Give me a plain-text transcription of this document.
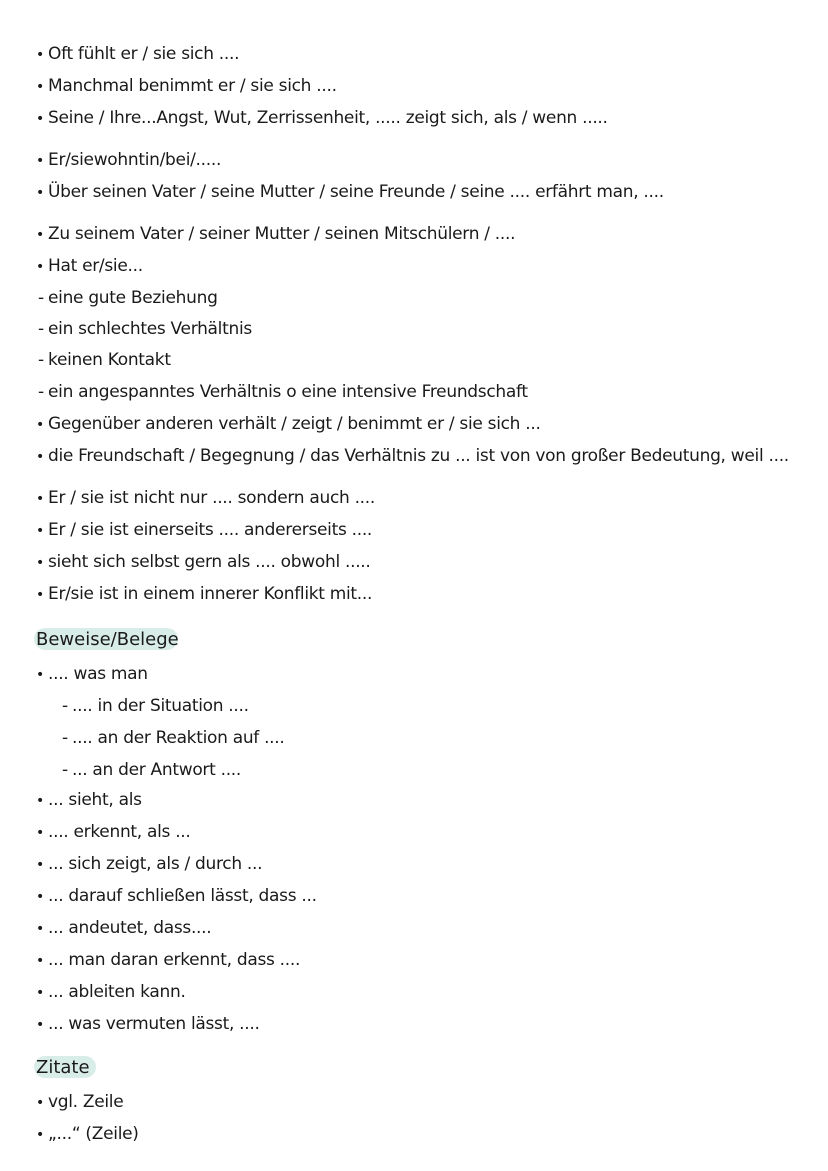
• Oft fühlt er / sie sich ....
• Manchmal benimmt er / sie sich ....
• Seine / Ihre...Angst, Wut, Zerrissenheit, ..... zeigt sich, als / wenn .....
• Er/siewohntin/bei/.....
• Über seinen Vater / seine Mutter / seine Freunde / seine .... erfährt man, ....
• Zu seinem Vater / seiner Mutter / seinen Mitschülern / ....
• Hat er/sie...
- eine gute Beziehung
- ein schlechtes Verhältnis
- keinen Kontakt
- ein angespanntes Verhältnis o eine intensive Freundschaft
• Gegenüber anderen verhält / zeigt / benimmt er / sie sich ...
• die Freundschaft / Begegnung / das Verhältnis zu ... ist von von großer Bedeutung, weil ....
• Er / sie ist nicht nur .... sondern auch ....
• Er / sie ist einerseits .... andererseits ....
• sieht sich selbst gern als .... obwohl .....
• Er/sie ist in einem innerer Konflikt mit...
Beweise/Belege
• .... was man
- .... in der Situation ....
- .... an der Reaktion auf ....
- ... an der Antwort ....
• ... sieht, als
• .... erkennt, als ...
• ... sich zeigt, als / durch ...
• ... darauf schließen lässt, dass ...
• ... andeutet, dass....
• ... man daran erkennt, dass ....
• ... ableiten kann.
• ... was vermuten lässt, ....
Zitate
• vgl. Zeile
• „...“ (Zeile)
